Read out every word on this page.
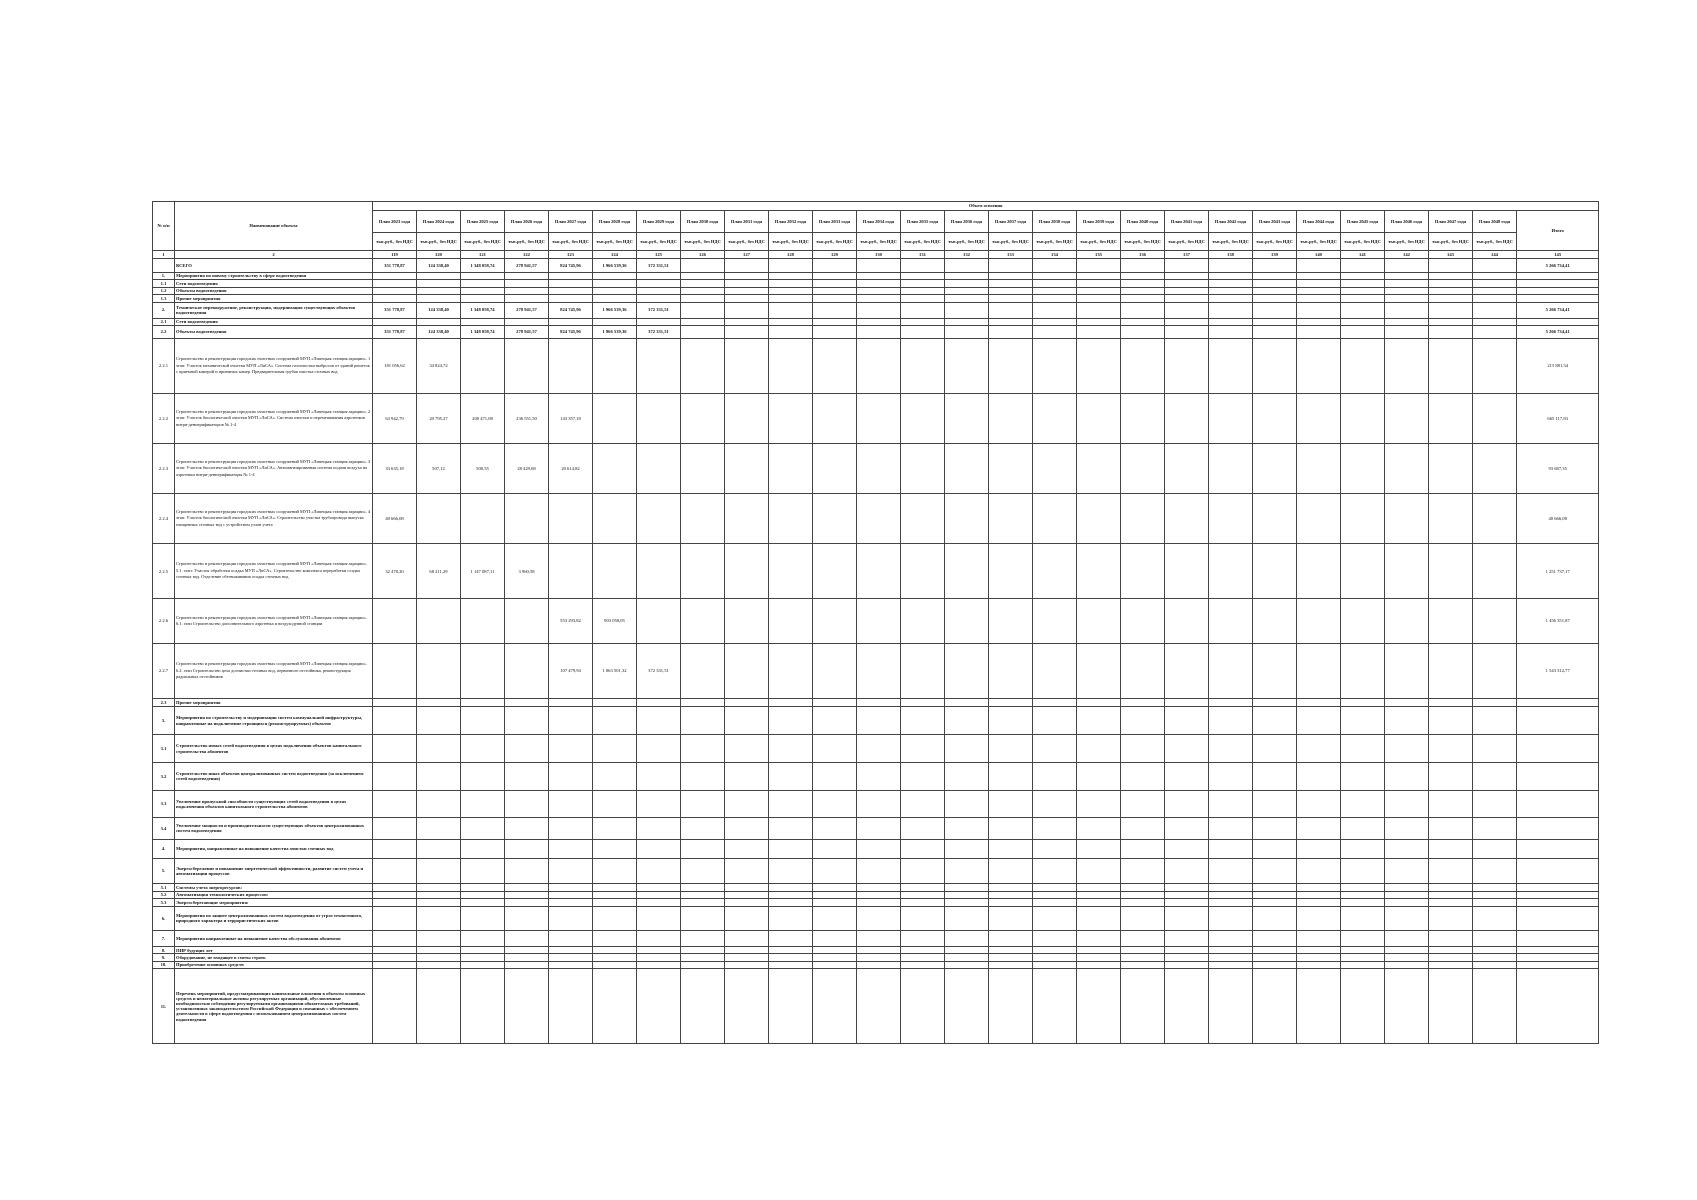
№ п/п	Наименование объекта	Объем освоения																										
		План 2023 года	План 2024 года	План 2025 года	План 2026 года	План 2027 года	План 2028 года	План 2029 года	План 2030 года	План 2031 года	План 2032 года	План 2033 года	План 2034 года	План 2035 года	План 2036 года	План 2037 года	План 2038 года	План 2039 года	План 2040 года	План 2041 года	План 2042 года	План 2043 года	План 2044 года	План 2045 года	План 2046 года	План 2047 года	План 2048 года	Итого
		тыс.руб., без НДС	тыс.руб., без НДС	тыс.руб., без НДС	тыс.руб., без НДС	тыс.руб., без НДС	тыс.руб., без НДС	тыс.руб., без НДС	тыс.руб., без НДС	тыс.руб., без НДС	тыс.руб., без НДС	тыс.руб., без НДС	тыс.руб., без НДС	тыс.руб., без НДС	тыс.руб., без НДС	тыс.руб., без НДС	тыс.руб., без НДС	тыс.руб., без НДС	тыс.руб., без НДС	тыс.руб., без НДС	тыс.руб., без НДС	тыс.руб., без НДС	тыс.руб., без НДС	тыс.руб., без НДС	тыс.руб., без НДС	тыс.руб., без НДС	тыс.руб., без НДС	
1	2	119	120	121	122	123	124	125	126	127	128	129	130	131	132	133	134	135	136	137	138	139	140	141	142	143	144	145
	ВСЕГО	351 778,87	124 338,40	1 348 058,74	278 941,57	824 745,96	1 966 539,36	372 331,51																				5 266 734,41
1.	Мероприятия по новому строительству в сфере водоотведения																											
1.1	Сети водоотведения																											
1.2	Объекты водоотведения																											
1.3	Прочие мероприятия																											
2.	Техническое перевооружение, реконструкция, модернизация существующих объектов водоотведения	351 778,87	124 338,40	1 348 058,74	278 941,57	824 745,96	1 966 539,36	372 331,51																				5 266 734,41
2.1	Сети водоотведения																											
2.2	Объекты водоотведения	351 778,87	124 338,40	1 348 058,74	278 941,57	824 745,96	1 966 539,36	372 331,51																				5 266 734,41
2.2.1	Строительство и реконструкция городских очистных сооружений МУП «Липецкая станция аэрации». 1 этап: Участок механической очистки МУП «ЛиСА». Система газоочистки выбросов от зданий решеток с приемной камерой и приемных камер. Предварительная грубая очистка сточных вод	181 056,62	34 824,72																									215 881,34
2.2.2	Строительство и реконструкция городских очистных сооружений МУП «Липецкая станция аэрации». 2 этап: Участок биологической очистки МУП «ЛиСА». Система очистки и перемешивания аэротенков нитри-денитрификаторов № 1-4	63 942,79	20 795,27	200 471,08	236 551,50	143 357,18																						665 117,83
2.2.3	Строительство и реконструкция городских очистных сооружений МУП «Липецкая станция аэрации». 3 этап: Участок биологической очистки МУП «ЛиСА». Автоматизированная система подачи воздуха на аэротенки нитри-денитрификаторы № 1-4	33 635,18	507,12	500,55	28 429,68	20 614,82																						93 687,35
2.2.4	Строительство и реконструкция городских очистных сооружений МУП «Липецкая станция аэрации». 4 этап: Участок биологической очистки МУП «ЛиСА». Строительство участка трубопровода выпуска очищенных сточных вод с устройством узлов учета	40 666,08																										40 666,08
2.2.5	Строительство и реконструкция городских очистных сооружений МУП «Липецкая станция аэрации». 5.1. этап: Участок обработки осадка МУП «ЛиСА». Строительство комплекса переработки осадка сточных вод. Отделение обезвоживания осадка сточных вод	32 478,20	68 211,29	1 147 087,11	3 960,58																							1 251 737,17
2.2.6	Строительство и реконструкция городских очистных сооружений МУП «Липецкая станция аэрации». 6.1. этап Строительство дополнительного аэротенка и воздуходувной станции					553 293,82	903 058,05																					1 456 351,87
2.2.7	Строительство и реконструкция городских очистных сооружений МУП «Липецкая станция аэрации». 6.2. этап Строительство цеха доочистки сточных вод, первичного отстойника, реконструкция радиальных отстойников					107 479,94	1 063 501,32	372 331,51																				1 543 312,77
2.3	Прочие мероприятия																											
3.	Мероприятия по строительству и модернизации систем коммунальной инфраструктуры, направленные на подключение строящихся (реконструируемых) объектов																											
3.1	Строительство новых сетей водоотведения в целях подключения объектов капитального строительства абонентов																											
3.2	Строительство иных объектов централизованных систем водоотведения (за исключением сетей водоотведения)																											
3.3	Увеличение пропускной способности существующих сетей водоотведения в целях подключения объектов капитального строительства абонентов																											
3.4	Увеличение мощности и производительности существующих объектов централизованных систем водоотведения																											
4.	Мероприятия, направленные на повышение качества очистки сточных вод																											
5.	Энергосбережение и повышение энергетической эффективности, развитие систем учета и автоматизации процессов																											
5.1	Системы учета энергоресурсов:																											
5.2	Автоматизация технологических процессов:																											
5.3	Энергосберегающие мероприятия:																											
6.	Мероприятия по защите централизованных систем водоотведения от угроз техногенного, природного характера и террористических актов																											
7.	Мероприятия направленные на повышение качества обслуживания абонентов																											
8.	ПИР будущих лет																											
9.	Оборудование, не входящее в сметы строек																											
10.	Приобретение основных средств																											
11.	Перечень мероприятий, предусматривающих капитальные вложения в объекты основных средств и нематериальные активы регулируемых организаций, обусловленные необходимостью соблюдения регулируемыми организациями обязательных требований, установленных законодательством Российской Федерации и связанных с обеспечением деятельности в сфере водоотведения с использованием централизованных систем водоотведения																											
